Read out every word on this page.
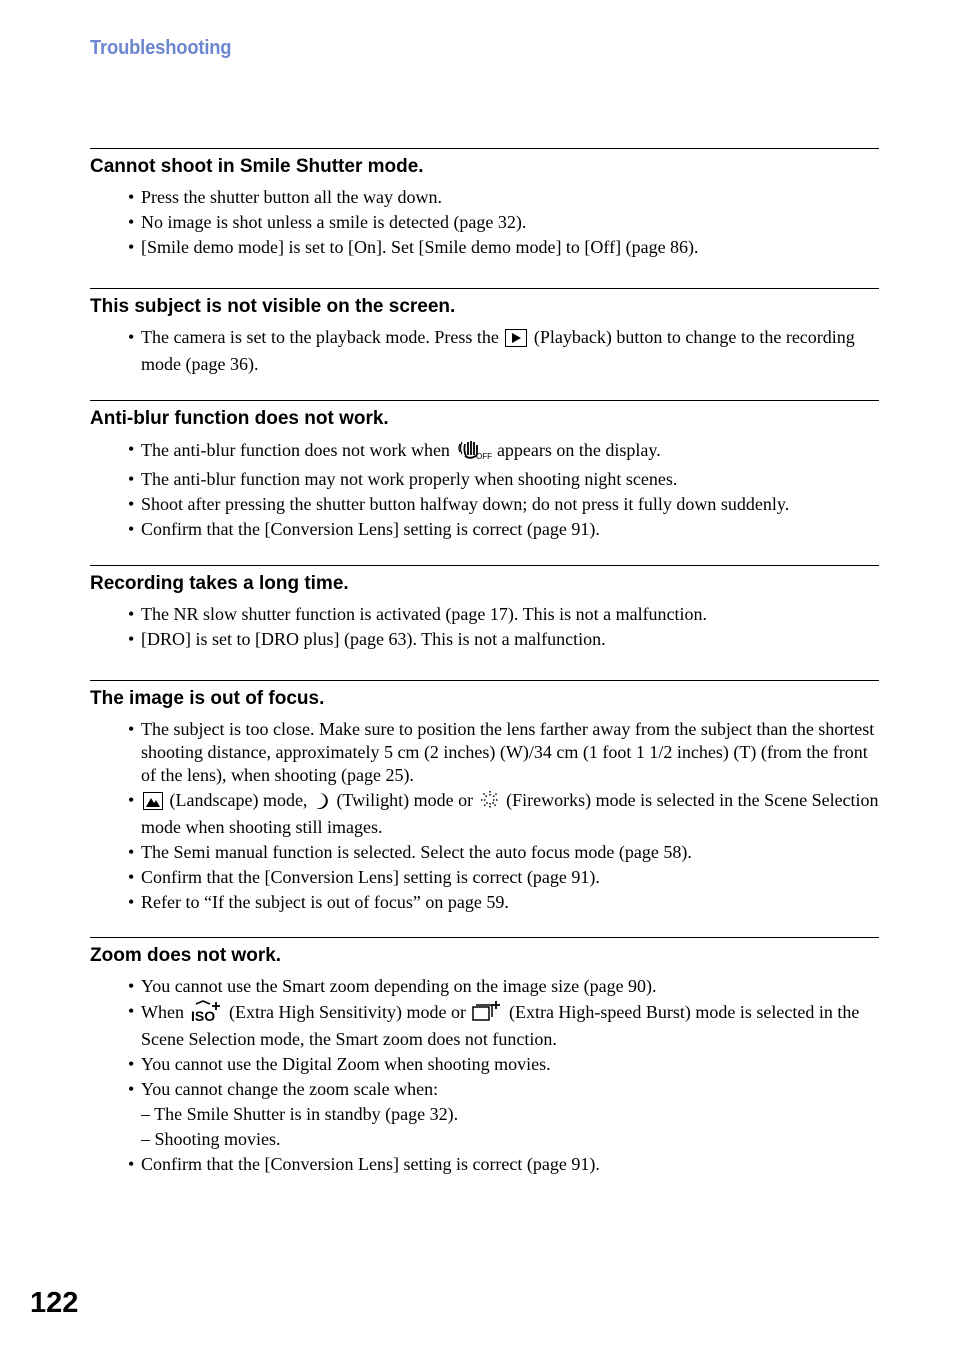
Troubleshooting
Cannot shoot in Smile Shutter mode.
• Press the shutter button all the way down.
• No image is shot unless a smile is detected (page 32).
• [Smile demo mode] is set to [On]. Set [Smile demo mode] to [Off] (page 86).
This subject is not visible on the screen.
• The camera is set to the playback mode. Press the (Playback) button to change to the recording mode (page 36).
Anti-blur function does not work.
• The anti-blur function does not work when	OFF appears on the display.
• The anti-blur function may not work properly when shooting night scenes.
• Shoot after pressing the shutter button halfway down; do not press it fully down suddenly.
• Confirm that the [Conversion Lens] setting is correct (page 91).
Recording takes a long time.
• The NR slow shutter function is activated (page 17). This is not a malfunction.
• [DRO] is set to [DRO plus] (page 63). This is not a malfunction.
The image is out of focus.
• The subject is too close. Make sure to position the lens farther away from the subject than the shortest shooting distance, approximately 5 cm (2 inches) (W)/34 cm (1 foot 1 1/2 inches) (T) (from the front of the lens), when shooting (page 25).
• (Landscape) mode, (Twilight) mode or (Fireworks) mode is selected in the Scene Selection mode when shooting still images.
• The Semi manual function is selected. Select the auto focus mode (page 58).
• Confirm that the [Conversion Lens] setting is correct (page 91).
• Refer to “If the subject is out of focus” on page 59.
Zoom does not work.
• You cannot use the Smart zoom depending on the image size (page 90).
• When ISO (Extra High Sensitivity) mode or (Extra High-speed Burst) mode is selected in the Scene Selection mode, the Smart zoom does not function.
• You cannot use the Digital Zoom when shooting movies.
• You cannot change the zoom scale when:
– The Smile Shutter is in standby (page 32).
– Shooting movies.
• Confirm that the [Conversion Lens] setting is correct (page 91).
122
